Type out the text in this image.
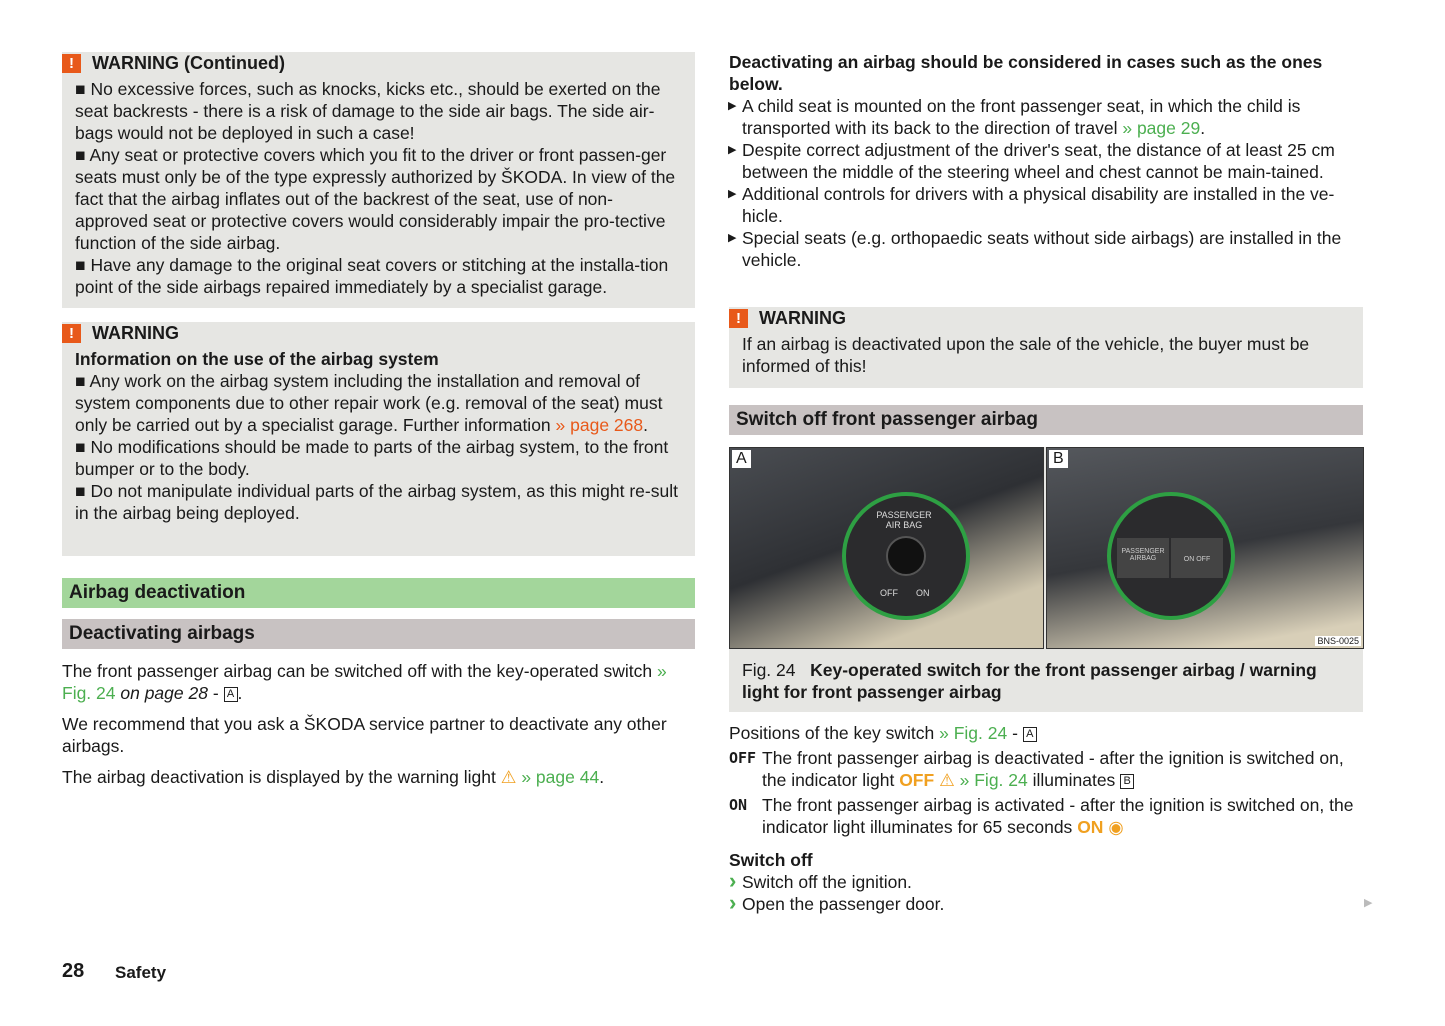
!	WARNING (Continued)

■ No excessive forces, such as knocks, kicks etc., should be exerted on the seat backrests - there is a risk of damage to the side air bags. The side air-bags would not be deployed in such a case!

■ Any seat or protective covers which you fit to the driver or front passen-ger seats must only be of the type expressly authorized by ŠKODA. In view of the fact that the airbag inflates out of the backrest of the seat, use of non-approved seat or protective covers would considerably impair the pro-tective function of the side airbag.

■ Have any damage to the original seat covers or stitching at the installa-tion point of the side airbags repaired immediately by a specialist garage.

!	WARNING

Information on the use of the airbag system

■ Any work on the airbag system including the installation and removal of system components due to other repair work (e.g. removal of the seat) must only be carried out by a specialist garage. Further information » page 268.

■ No modifications should be made to parts of the airbag system, to the front bumper or to the body.

■ Do not manipulate individual parts of the airbag system, as this might re-sult in the airbag being deployed.

Airbag deactivation
Deactivating airbags

The front passenger airbag can be switched off with the key-operated switch » Fig. 24 on page 28 - A .

We recommend that you ask a ŠKODA service partner to deactivate any other airbags.

The airbag deactivation is displayed by the warning light ⚠ » page 44.

Deactivating an airbag should be considered in cases such as the ones below.

▶ A child seat is mounted on the front passenger seat, in which the child is transported with its back to the direction of travel » page 29.
▶ Despite correct adjustment of the driver's seat, the distance of at least 25 cm between the middle of the steering wheel and chest cannot be main-tained.
▶ Additional controls for drivers with a physical disability are installed in the ve-hicle.
▶ Special seats (e.g. orthopaedic seats without side airbags) are installed in the vehicle.
!	WARNING

If an airbag is deactivated upon the sale of the vehicle, the buyer must be informed of this!

Switch off front passenger airbag
A
PASSENGER AIR BAG
OFF ON
B
PASSENGER AIRBAG	ON OFF
BNS-0025

Fig. 24 Key-operated switch for the front passenger airbag / warning light for front passenger airbag

Positions of the key switch » Fig. 24 - A

OFF The front passenger airbag is deactivated - after the ignition is switched on, the indicator light OFF ⚠ » Fig. 24 illuminates B
ON The front passenger airbag is activated - after the ignition is switched on, the indicator light illuminates for 65 seconds ON ◉

Switch off

› Switch off the ignition.
› Open the passenger door.	▶
28 Safety
